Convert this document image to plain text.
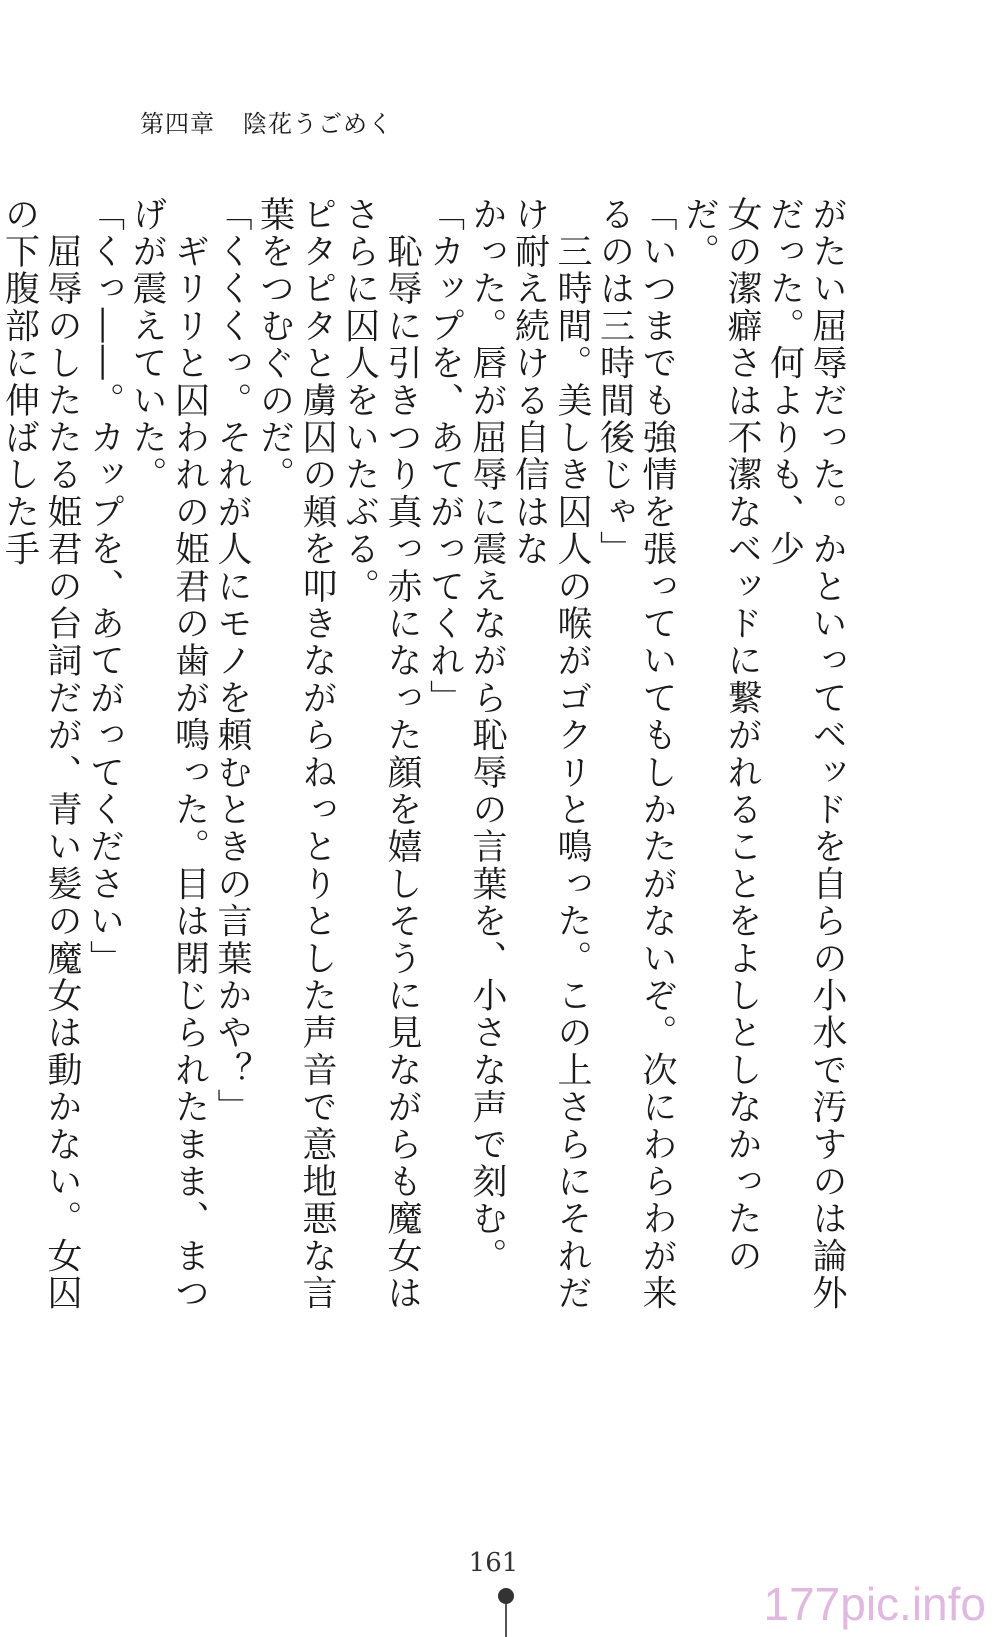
第四章 陰花うごめく

がたい屈辱だった。かといってベッドを自らの小水で汚すのは論外だった。何よりも、少

女の潔癖さは不潔なベッドに繋がれることをよしとしなかったのだ。

「いつまでも強情を張っていてもしかたがないぞ。次にわらわが来るのは三時間後じゃ」

　三時間。美しき囚人の喉がゴクリと鳴った。この上さらにそれだけ耐え続ける自信はな

かった。唇が屈辱に震えながら恥辱の言葉を、小さな声で刻む。

「カップを、あてがってくれ」

　恥辱に引きつり真っ赤になった顔を嬉しそうに見ながらも魔女はさらに囚人をいたぶる。

ピタピタと虜囚の頬を叩きながらねっとりとした声音で意地悪な言葉をつむぐのだ。

「くくくっ。それが人にモノを頼むときの言葉かや？」

　ギリリと囚われの姫君の歯が鳴った。目は閉じられたまま、まつげが震えていた。

「くっ――。カップを、あてがってください」

　屈辱のしたたる姫君の台詞だが、青い髪の魔女は動かない。女囚の下腹部に伸ばした手

161
177pic.info
